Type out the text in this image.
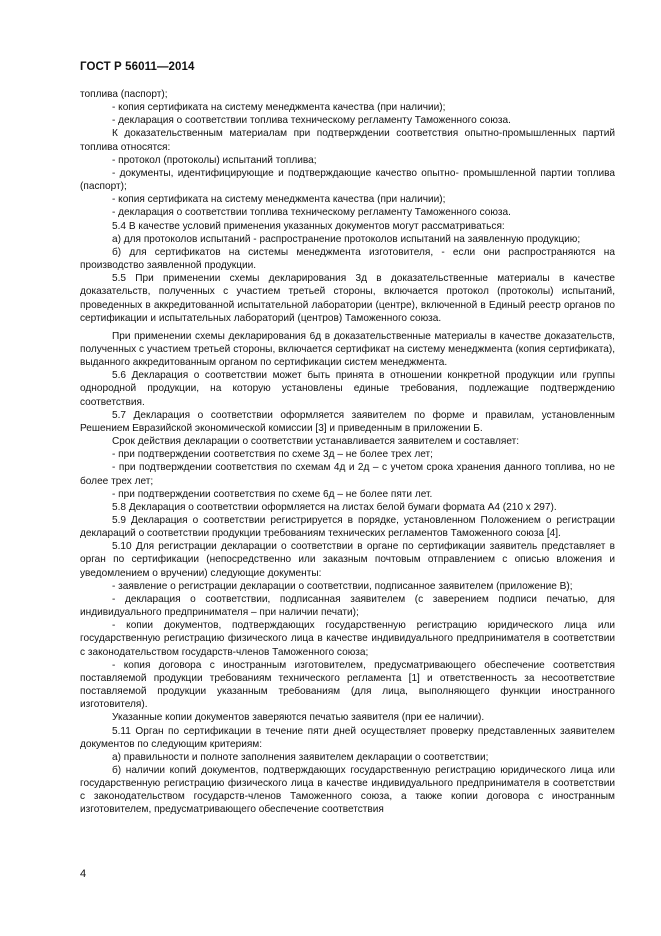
ГОСТ Р 56011—2014

топлива (паспорт);

- копия сертификата на систему менеджмента качества (при наличии);

- декларация о соответствии топлива техническому регламенту Таможенного союза.

К доказательственным материалам при подтверждении соответствия опытно-промышленных партий топлива относятся:

- протокол (протоколы) испытаний топлива;

- документы, идентифицирующие и подтверждающие качество опытно- промышленной партии топлива (паспорт);

- копия сертификата на систему менеджмента качества (при наличии);

- декларация о соответствии топлива техническому регламенту Таможенного союза.

5.4 В качестве условий применения указанных документов могут рассматриваться:

а) для протоколов испытаний - распространение протоколов испытаний на заявленную продукцию;

б) для сертификатов на системы менеджмента изготовителя, - если они распространяются на производство заявленной продукции.

5.5 При применении схемы декларирования 3д в доказательственные материалы в качестве доказательств, полученных с участием третьей стороны, включается протокол (протоколы) испытаний, проведенных в аккредитованной испытательной лаборатории (центре), включенной в Единый реестр органов по сертификации и испытательных лабораторий (центров) Таможенного союза.

При применении схемы декларирования 6д в доказательственные материалы в качестве доказательств, полученных с участием третьей стороны, включается сертификат на систему менеджмента (копия сертификата), выданного аккредитованным органом по сертификации систем менеджмента.

5.6 Декларация о соответствии может быть принята в отношении конкретной продукции или группы однородной продукции, на которую установлены единые требования, подлежащие подтверждению соответствия.

5.7 Декларация о соответствии оформляется заявителем по форме и правилам, установленным Решением Евразийской экономической комиссии [3] и приведенным в приложении Б.

Срок действия декларации о соответствии устанавливается заявителем и составляет:

- при подтверждении соответствия по схеме 3д – не более трех лет;

- при подтверждении соответствия по схемам 4д и 2д – с учетом срока хранения данного топлива, но не более трех лет;

- при подтверждении соответствия по схеме 6д – не более пяти лет.

5.8 Декларация о соответствии оформляется на листах белой бумаги формата А4 (210 х 297).

5.9 Декларация о соответствии регистрируется в порядке, установленном Положением о регистрации деклараций о соответствии продукции требованиям технических регламентов Таможенного союза [4].

5.10 Для регистрации декларации о соответствии в органе по сертификации заявитель представляет в орган по сертификации (непосредственно или заказным почтовым отправлением с описью вложения и уведомлением о вручении) следующие документы:

- заявление о регистрации декларации о соответствии, подписанное заявителем (приложение В);

- декларация о соответствии, подписанная заявителем (с заверением подписи печатью, для индивидуального предпринимателя – при наличии печати);

- копии документов, подтверждающих государственную регистрацию юридического лица или государственную регистрацию физического лица в качестве индивидуального предпринимателя в соответствии с законодательством государств-членов Таможенного союза;

- копия договора с иностранным изготовителем, предусматривающего обеспечение соответствия поставляемой продукции требованиям технического регламента [1] и ответственность за несоответствие поставляемой продукции указанным требованиям (для лица, выполняющего функции иностранного изготовителя).

Указанные копии документов заверяются печатью заявителя (при ее наличии).

5.11 Орган по сертификации в течение пяти дней осуществляет проверку представленных заявителем документов по следующим критериям:

а) правильности и полноте заполнения заявителем декларации о соответствии;

б) наличии копий документов, подтверждающих государственную регистрацию юридического лица или государственную регистрацию физического лица в качестве индивидуального предпринимателя в соответствии с законодательством государств-членов Таможенного союза, а также копии договора с иностранным изготовителем, предусматривающего обеспечение соответствия

4
